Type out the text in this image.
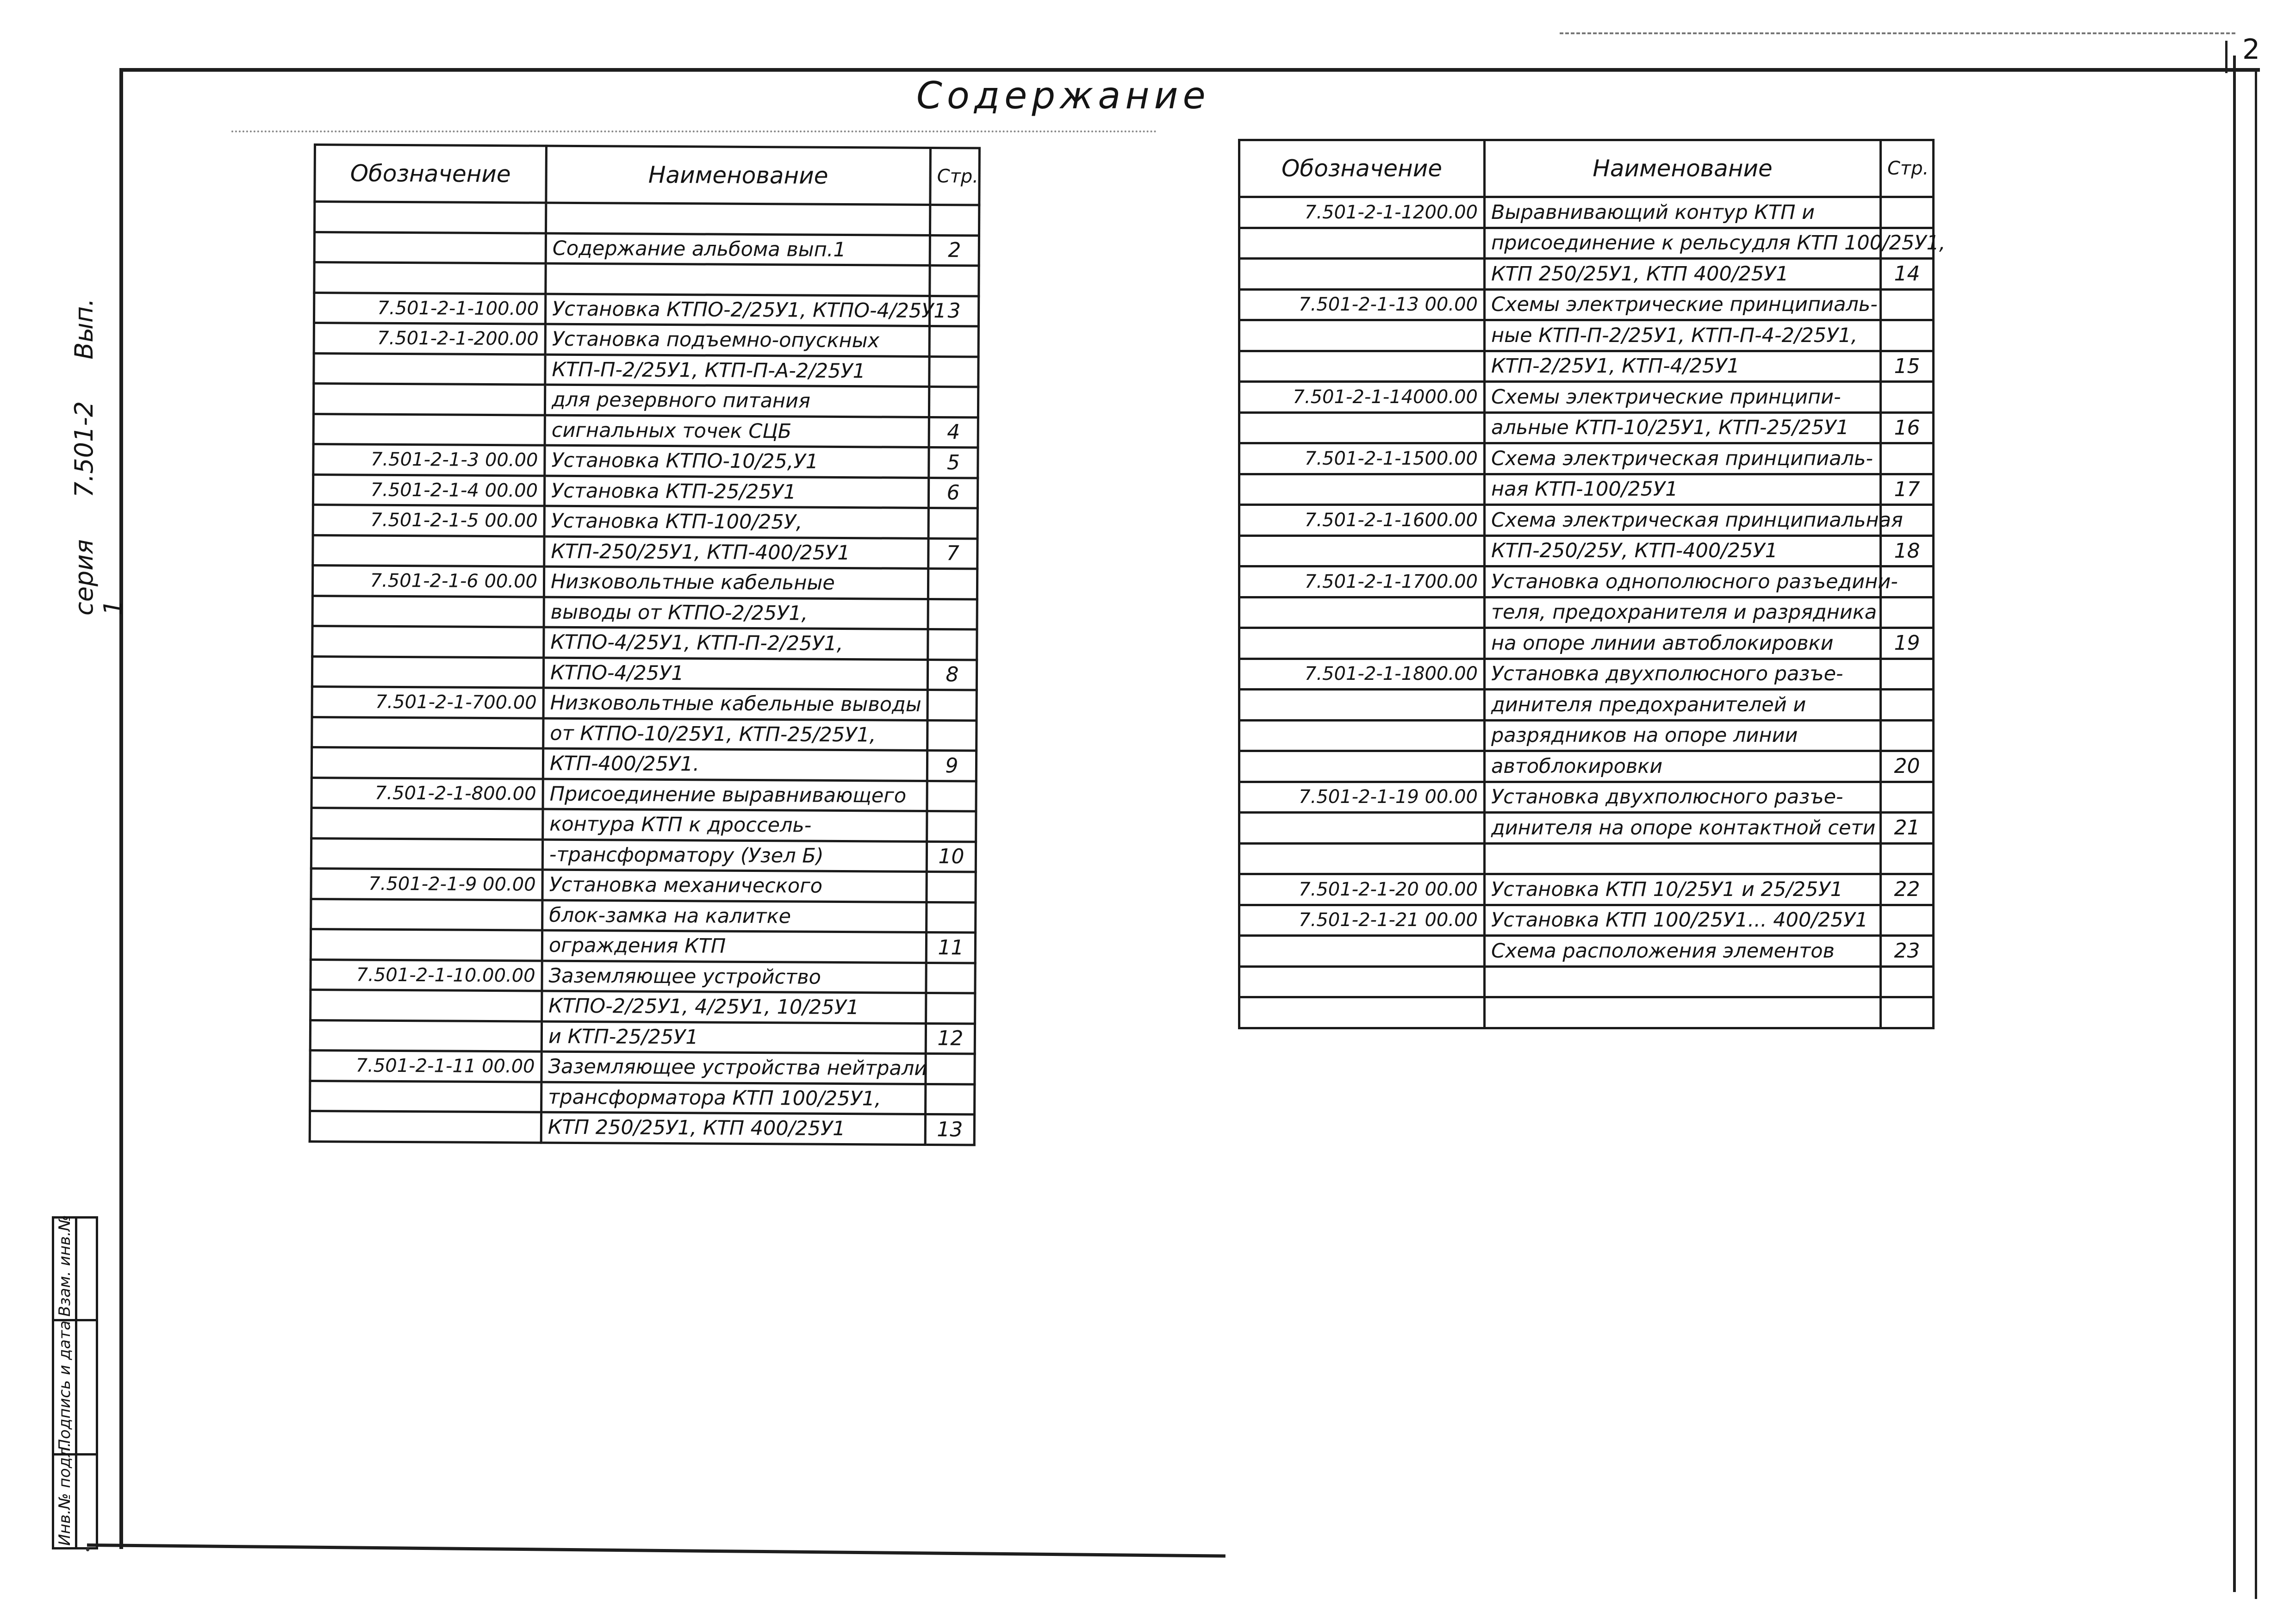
2
Содержание
Обозначение	Наименование	Стр.

	Содержание альбома вып.1	2

7.501-2-1-100.00	Установка КТПО-2/25У1, КТПО-4/25У1	3
7.501-2-1-200.00	Установка подъемно-опускных	
	КТП-П-2/25У1, КТП-П-А-2/25У1	
	для резервного питания	
	сигнальных точек СЦБ	4
7.501-2-1-3 00.00	Установка КТПО-10/25,У1	5
7.501-2-1-4 00.00	Установка КТП-25/25У1	6
7.501-2-1-5 00.00	Установка КТП-100/25У,	
	КТП-250/25У1, КТП-400/25У1	7
7.501-2-1-6 00.00	Низковольтные кабельные	
	выводы от КТПО-2/25У1,	
	КТПО-4/25У1, КТП-П-2/25У1,	
	КТПО-4/25У1	8
7.501-2-1-700.00	Низковольтные кабельные выводы	
	от КТПО-10/25У1, КТП-25/25У1,	
	КТП-400/25У1.	9
7.501-2-1-800.00	Присоединение выравнивающего	
	контура КТП к дроссель-	
	-трансформатору (Узел Б)	10
7.501-2-1-9 00.00	Установка механического	
	блок-замка на калитке	
	ограждения КТП	11
7.501-2-1-10.00.00	Заземляющее устройство	
	КТПО-2/25У1, 4/25У1, 10/25У1	
	и КТП-25/25У1	12
7.501-2-1-11 00.00	Заземляющее устройства нейтрали	
	трансформатора КТП 100/25У1,	
	КТП 250/25У1, КТП 400/25У1	13
Обозначение	Наименование	Стр.
7.501-2-1-1200.00	Выравнивающий контур КТП и	
	присоединение к рельсудля КТП 100/25У1,	
	КТП 250/25У1, КТП 400/25У1	14
7.501-2-1-13 00.00	Схемы электрические принципиаль-	
	ные КТП-П-2/25У1, КТП-П-4-2/25У1,	
	КТП-2/25У1, КТП-4/25У1	15
7.501-2-1-14000.00	Схемы электрические принципи-	
	альные КТП-10/25У1, КТП-25/25У1	16
7.501-2-1-1500.00	Схема электрическая принципиаль-	
	ная КТП-100/25У1	17
7.501-2-1-1600.00	Схема электрическая принципиальная	
	КТП-250/25У, КТП-400/25У1	18
7.501-2-1-1700.00	Установка однополюсного разъедини-	
	теля, предохранителя и разрядника	
	на опоре линии автоблокировки	19
7.501-2-1-1800.00	Установка двухполюсного разъе-	
	динителя предохранителей и	
	разрядников на опоре линии	
	автоблокировки	20
7.501-2-1-19 00.00	Установка двухполюсного разъе-	
	динителя на опоре контактной сети	21

7.501-2-1-20 00.00	Установка КТП 10/25У1 и 25/25У1	22
7.501-2-1-21 00.00	Установка КТП 100/25У1... 400/25У1	
	Схема расположения элементов	23

серия7.501-2Вып. 1
Взам. инв.№
Подпись и дата
Инв.№ подл.
